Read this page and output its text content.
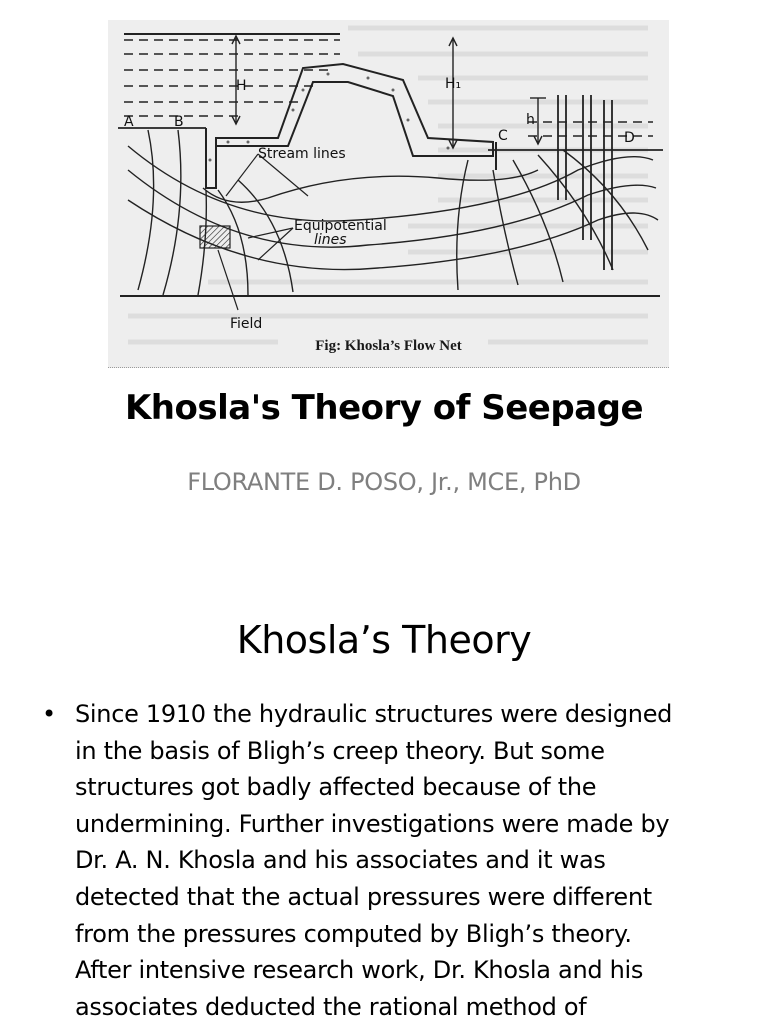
H	H₁
h
A	B
C	D
Stream lines
Equipotential
lines
Field
Fig: Khosla’s Flow Net
Khosla's Theory of Seepage
FLORANTE D. POSO, Jr., MCE, PhD
Khosla’s Theory
• Since 1910 the hydraulic structures were designed
in the basis of Bligh’s creep theory. But some
structures got badly affected because of the
undermining. Further investigations were made by
Dr. A. N. Khosla and his associates and it was
detected that the actual pressures were different
from the pressures computed by Bligh’s theory.
After intensive research work, Dr. Khosla and his
associates deducted the rational method of
